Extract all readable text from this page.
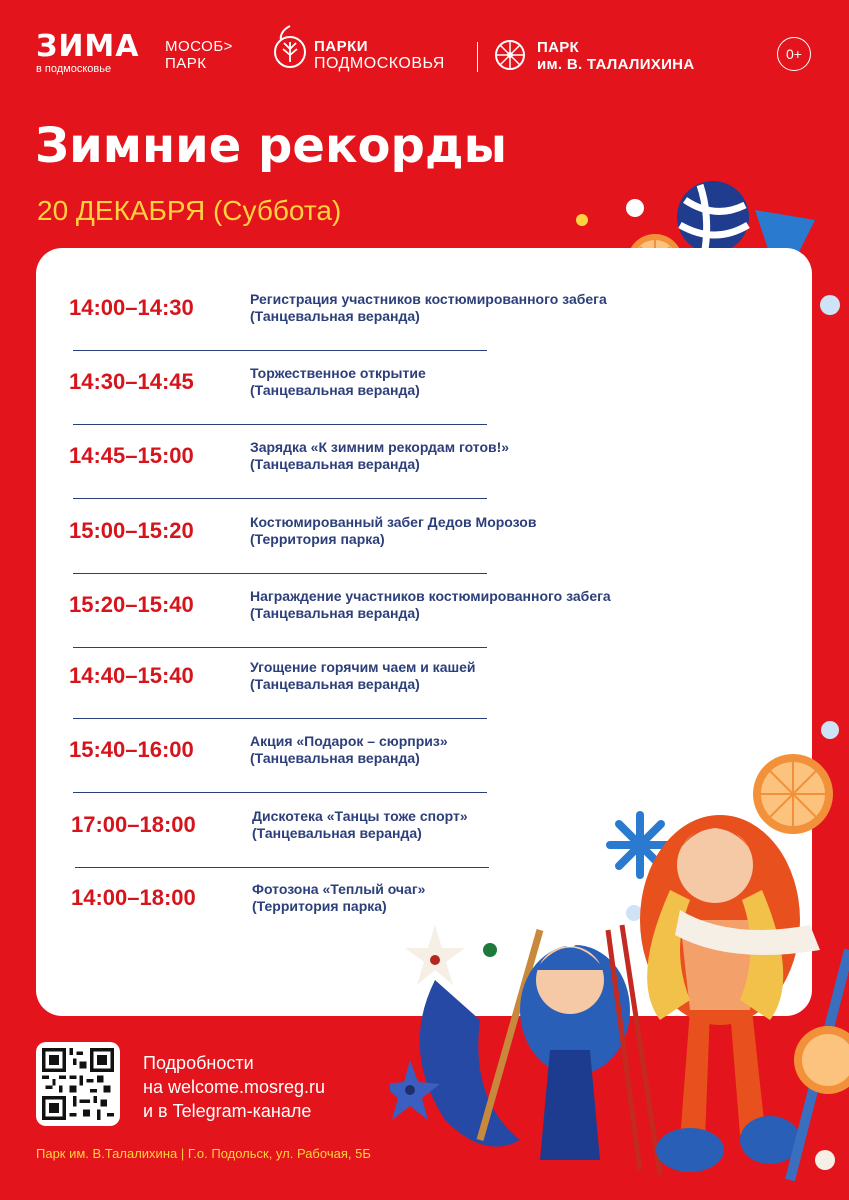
ЗИМА
в подмосковье
МОСОБ>
ПАРК
ПАРКИ
ПОДМОСКОВЬЯ
ПАРК
им. В. ТАЛАЛИХИНА
0+
Зимние рекорды
20 ДЕКАБРЯ (Суббота)
14:00–14:30	Регистрация участников костюмированного забега
(Танцевальная веранда)
14:30–14:45	Торжественное открытие
(Танцевальная веранда)
14:45–15:00	Зарядка «К зимним рекордам готов!»
(Танцевальная веранда)
15:00–15:20	Костюмированный забег Дедов Морозов
(Территория парка)
15:20–15:40	Награждение участников костюмированного забега
(Танцевальная веранда)
14:40–15:40	Угощение горячим чаем и кашей
(Танцевальная веранда)
15:40–16:00	Акция «Подарок – сюрприз»
(Танцевальная веранда)
17:00–18:00	Дискотека «Танцы тоже спорт»
(Танцевальная веранда)
14:00–18:00	Фотозона «Теплый очаг»
(Территория парка)
Подробности
на welcome.mosreg.ru
и в Telegram-канале
Парк им. В.Талалихина | Г.о. Подольск, ул. Рабочая, 5Б
